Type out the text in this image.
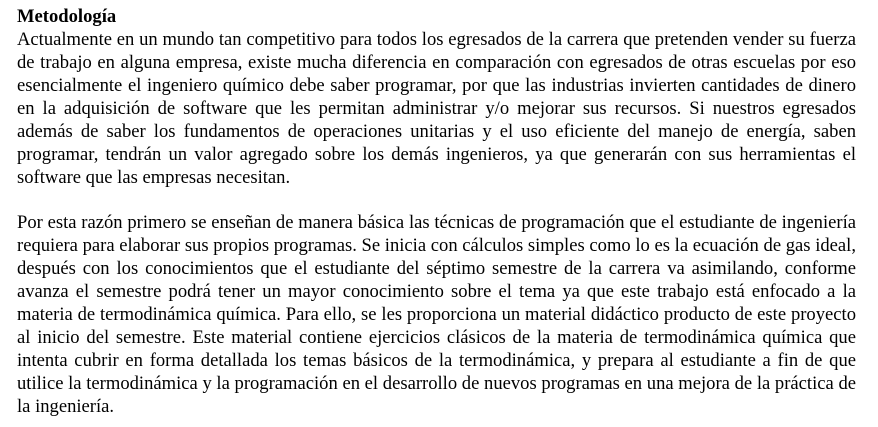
Metodología

Actualmente en un mundo tan competitivo para todos los egresados de la carrera que pretenden vender su fuerza de trabajo en alguna empresa, existe mucha diferencia en comparación con egresados de otras escuelas por eso esencialmente el ingeniero químico debe saber programar, por que las industrias invierten cantidades de dinero en la adquisición de software que les permitan administrar y/o mejorar sus recursos. Si nuestros egresados además de saber los fundamentos de operaciones unitarias y el uso eficiente del manejo de energía, saben programar, tendrán un valor agregado sobre los demás ingenieros, ya que generarán con sus herramientas el software que las empresas necesitan.

Por esta razón primero se enseñan de manera básica las técnicas de programación que el estudiante de ingeniería requiera para elaborar sus propios programas. Se inicia con cálculos simples como lo es la ecuación de gas ideal, después con los conocimientos que el estudiante del séptimo semestre de la carrera va asimilando, conforme avanza el semestre podrá tener un mayor conocimiento sobre el tema ya que este trabajo está enfocado a la materia de termodinámica química. Para ello, se les proporciona un material didáctico producto de este proyecto al inicio del semestre. Este material contiene ejercicios clásicos de la materia de termodinámica química que intenta cubrir en forma detallada los temas básicos de la termodinámica, y prepara al estudiante a fin de que utilice la termodinámica y la programación en el desarrollo de nuevos programas en una mejora de la práctica de la ingeniería.
